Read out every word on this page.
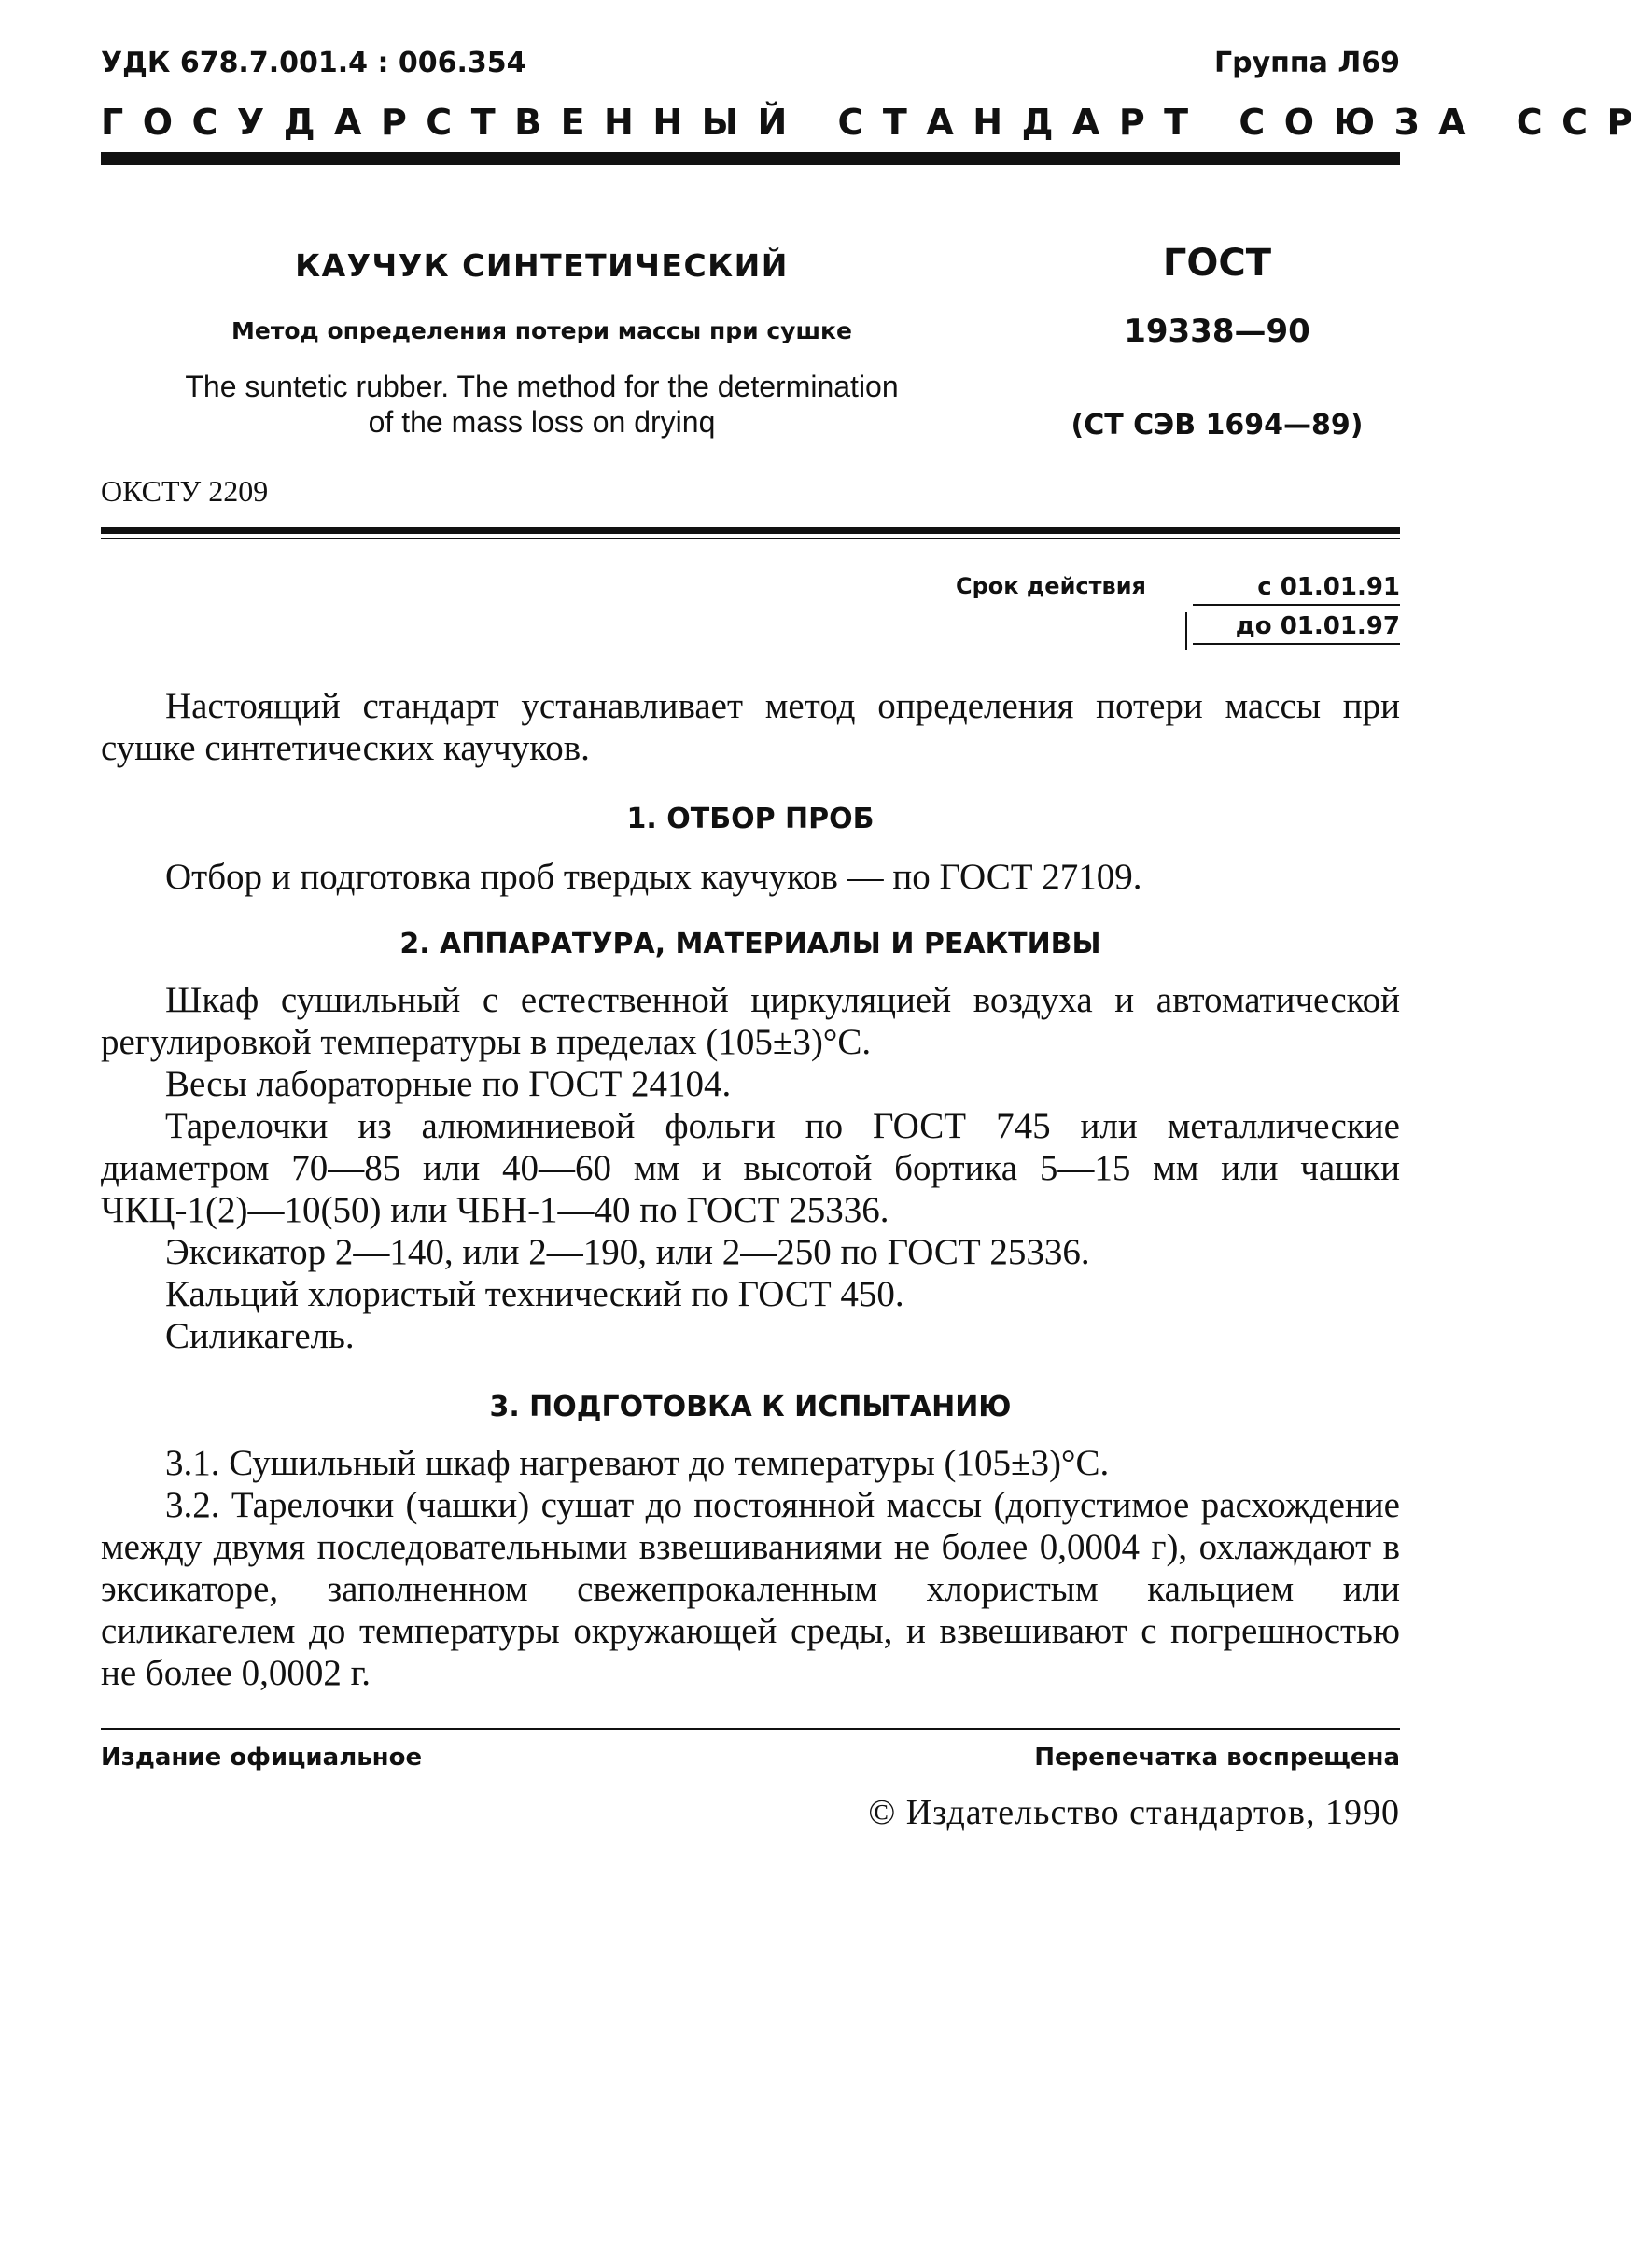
УДК 678.7.001.4 : 006.354	Группа Л69
ГОСУДАРСТВЕННЫЙ СТАНДАРТ СОЮЗА ССР
КАУЧУК СИНТЕТИЧЕСКИЙ
Метод определения потери массы при сушке
The suntetic rubber. The method for the determination
of the mass loss on dryinq
ГОСТ
19338—90
(СТ СЭВ 1694—89)
ОКСТУ 2209
Срок действия	с 01.01.91
до 01.01.97

Настоящий стандарт устанавливает метод определения потери массы при сушке синтетических каучуков.

1. ОТБОР ПРОБ

Отбор и подготовка проб твердых каучуков — по ГОСТ 27109.

2. АППАРАТУРА, МАТЕРИАЛЫ И РЕАКТИВЫ

Шкаф сушильный с естественной циркуляцией воздуха и автоматической регулировкой температуры в пределах (105±3)°С.

Весы лабораторные по ГОСТ 24104.

Тарелочки из алюминиевой фольги по ГОСТ 745 или металлические диаметром 70—85 или 40—60 мм и высотой бортика 5—15 мм или чашки ЧКЦ-1(2)—10(50) или ЧБН-1—40 по ГОСТ 25336.

Эксикатор 2—140, или 2—190, или 2—250 по ГОСТ 25336.

Кальций хлористый технический по ГОСТ 450.

Силикагель.

3. ПОДГОТОВКА К ИСПЫТАНИЮ

3.1. Сушильный шкаф нагревают до температуры (105±3)°С.

3.2. Тарелочки (чашки) сушат до постоянной массы (допустимое расхождение между двумя последовательными взвешиваниями не более 0,0004 г), охлаждают в эксикаторе, заполненном свежепрокаленным хлористым кальцием или силикагелем до температуры окружающей среды, и взвешивают с погрешностью не более 0,0002 г.

Издание официальное	Перепечатка воспрещена
© Издательство стандартов, 1990
